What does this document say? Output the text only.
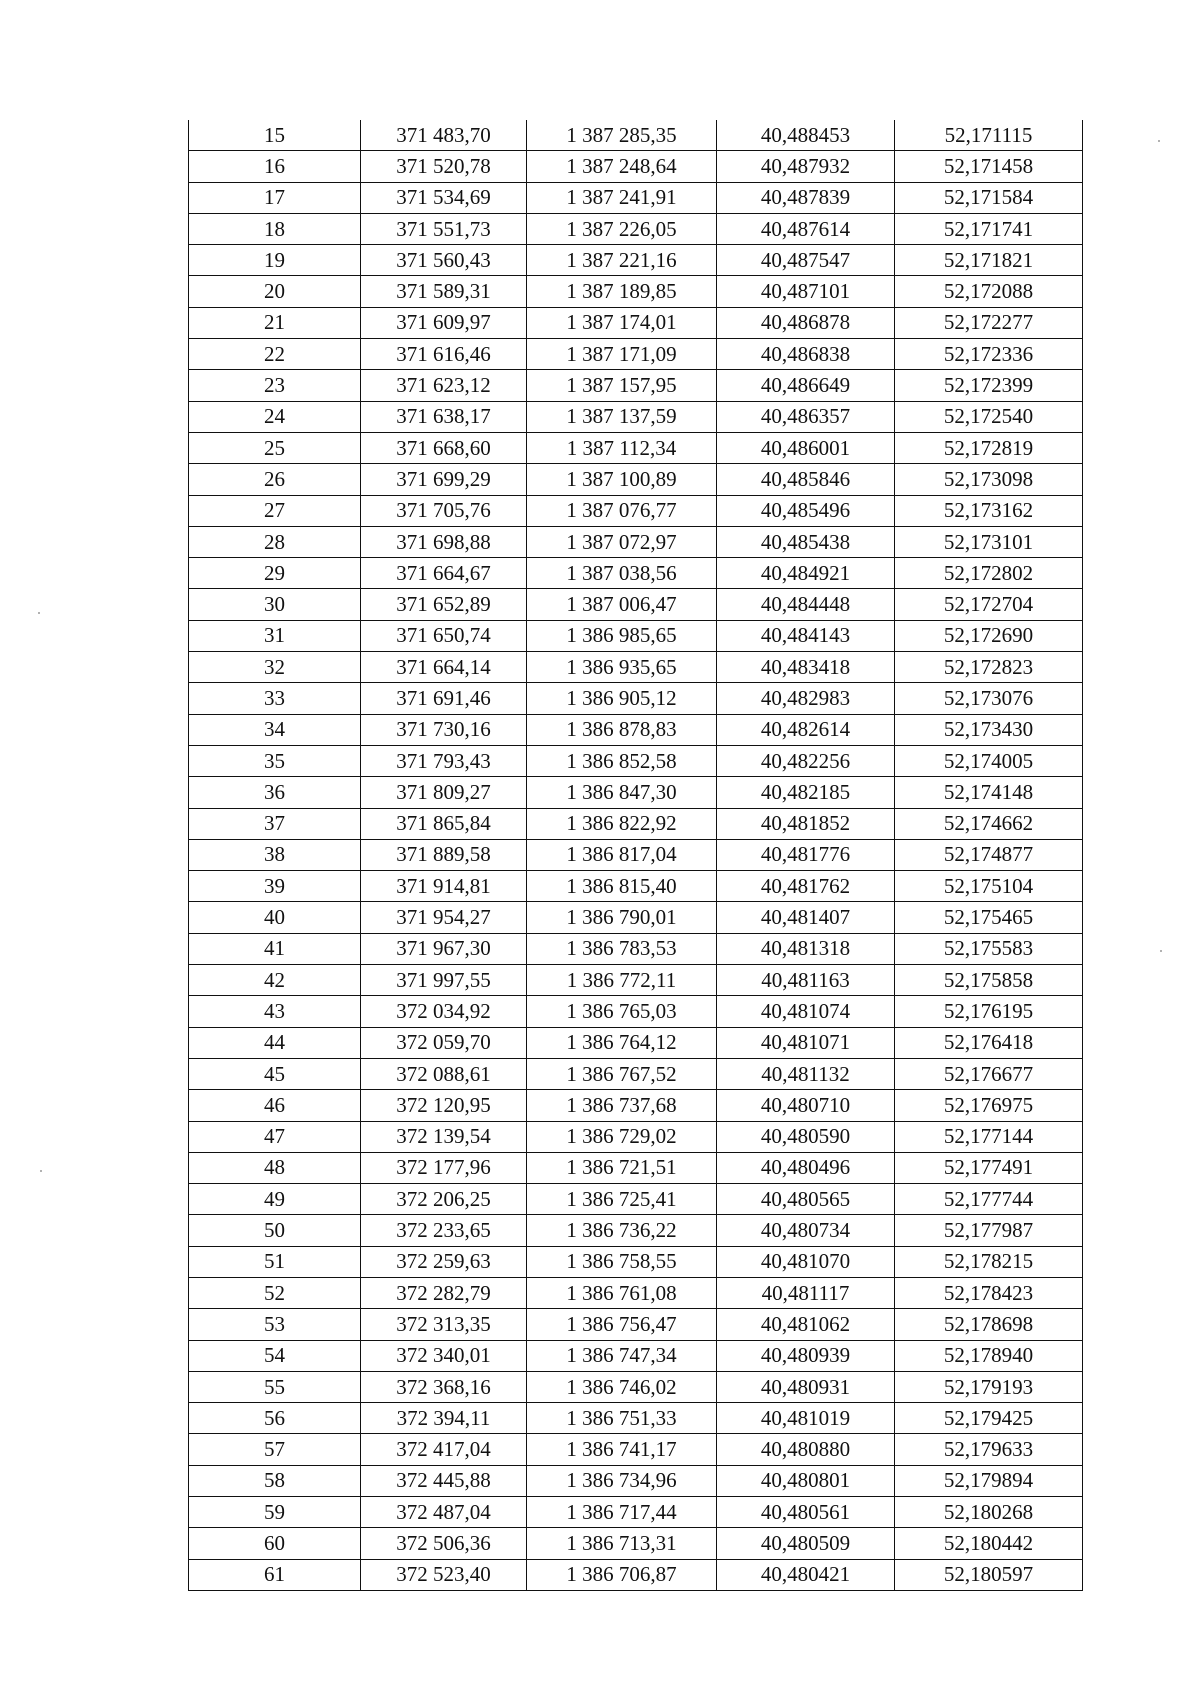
15	371 483,70	1 387 285,35	40,488453	52,171115
16	371 520,78	1 387 248,64	40,487932	52,171458
17	371 534,69	1 387 241,91	40,487839	52,171584
18	371 551,73	1 387 226,05	40,487614	52,171741
19	371 560,43	1 387 221,16	40,487547	52,171821
20	371 589,31	1 387 189,85	40,487101	52,172088
21	371 609,97	1 387 174,01	40,486878	52,172277
22	371 616,46	1 387 171,09	40,486838	52,172336
23	371 623,12	1 387 157,95	40,486649	52,172399
24	371 638,17	1 387 137,59	40,486357	52,172540
25	371 668,60	1 387 112,34	40,486001	52,172819
26	371 699,29	1 387 100,89	40,485846	52,173098
27	371 705,76	1 387 076,77	40,485496	52,173162
28	371 698,88	1 387 072,97	40,485438	52,173101
29	371 664,67	1 387 038,56	40,484921	52,172802
30	371 652,89	1 387 006,47	40,484448	52,172704
31	371 650,74	1 386 985,65	40,484143	52,172690
32	371 664,14	1 386 935,65	40,483418	52,172823
33	371 691,46	1 386 905,12	40,482983	52,173076
34	371 730,16	1 386 878,83	40,482614	52,173430
35	371 793,43	1 386 852,58	40,482256	52,174005
36	371 809,27	1 386 847,30	40,482185	52,174148
37	371 865,84	1 386 822,92	40,481852	52,174662
38	371 889,58	1 386 817,04	40,481776	52,174877
39	371 914,81	1 386 815,40	40,481762	52,175104
40	371 954,27	1 386 790,01	40,481407	52,175465
41	371 967,30	1 386 783,53	40,481318	52,175583
42	371 997,55	1 386 772,11	40,481163	52,175858
43	372 034,92	1 386 765,03	40,481074	52,176195
44	372 059,70	1 386 764,12	40,481071	52,176418
45	372 088,61	1 386 767,52	40,481132	52,176677
46	372 120,95	1 386 737,68	40,480710	52,176975
47	372 139,54	1 386 729,02	40,480590	52,177144
48	372 177,96	1 386 721,51	40,480496	52,177491
49	372 206,25	1 386 725,41	40,480565	52,177744
50	372 233,65	1 386 736,22	40,480734	52,177987
51	372 259,63	1 386 758,55	40,481070	52,178215
52	372 282,79	1 386 761,08	40,481117	52,178423
53	372 313,35	1 386 756,47	40,481062	52,178698
54	372 340,01	1 386 747,34	40,480939	52,178940
55	372 368,16	1 386 746,02	40,480931	52,179193
56	372 394,11	1 386 751,33	40,481019	52,179425
57	372 417,04	1 386 741,17	40,480880	52,179633
58	372 445,88	1 386 734,96	40,480801	52,179894
59	372 487,04	1 386 717,44	40,480561	52,180268
60	372 506,36	1 386 713,31	40,480509	52,180442
61	372 523,40	1 386 706,87	40,480421	52,180597
